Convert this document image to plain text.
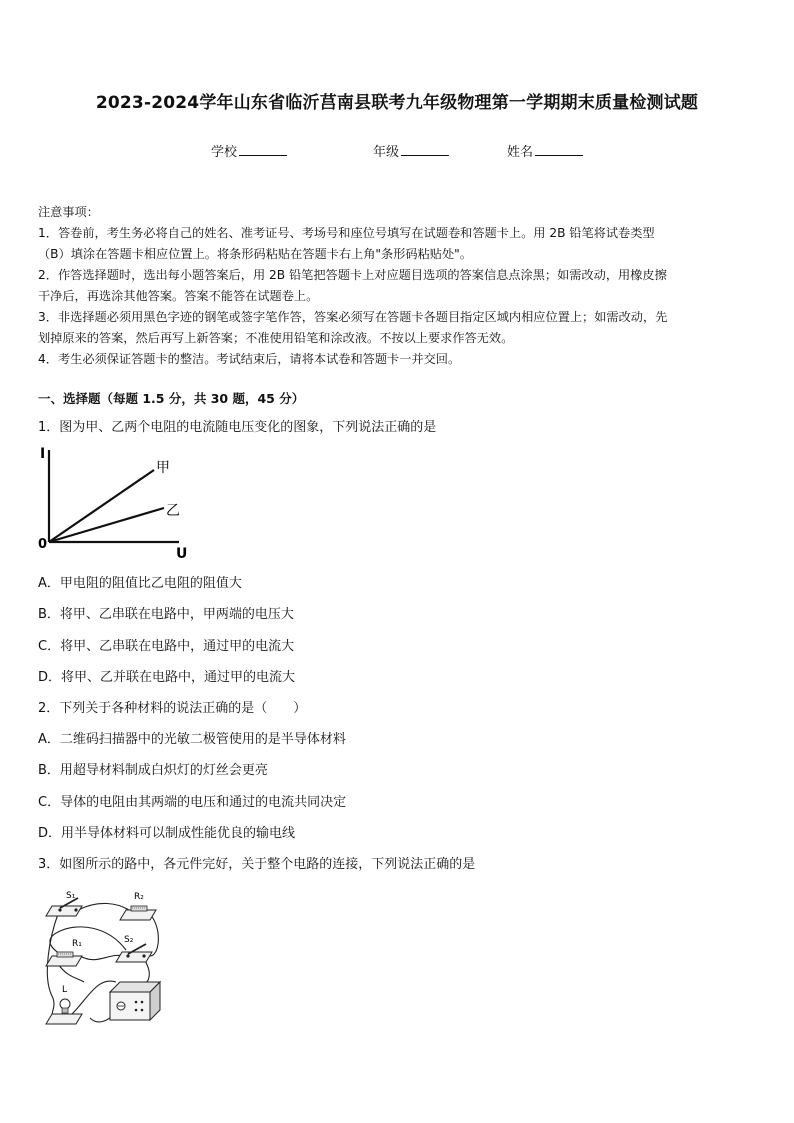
2023-2024学年山东省临沂莒南县联考九年级物理第一学期期末质量检测试题
学校	年级	姓名
注意事项：
1．答卷前，考生务必将自己的姓名、准考证号、考场号和座位号填写在试题卷和答题卡上。用 2B 铅笔将试卷类型
（B）填涂在答题卡相应位置上。将条形码粘贴在答题卡右上角"条形码粘贴处"。
2．作答选择题时，选出每小题答案后，用 2B 铅笔把答题卡上对应题目选项的答案信息点涂黑；如需改动，用橡皮擦
干净后，再选涂其他答案。答案不能答在试题卷上。
3．非选择题必须用黑色字迹的钢笔或签字笔作答，答案必须写在答题卡各题目指定区域内相应位置上；如需改动，先
划掉原来的答案，然后再写上新答案；不准使用铅笔和涂改液。不按以上要求作答无效。
4．考生必须保证答题卡的整洁。考试结束后，请将本试卷和答题卡一并交回。
一、选择题（每题 1.5 分，共 30 题，45 分）
1．图为甲、乙两个电阻的电流随电压变化的图象，下列说法正确的是
I
U
0
甲
乙
A．甲电阻的阻值比乙电阻的阻值大
B．将甲、乙串联在电路中，甲两端的电压大
C．将甲、乙串联在电路中，通过甲的电流大
D．将甲、乙并联在电路中，通过甲的电流大
2．下列关于各种材料的说法正确的是（　　）
A．二维码扫描器中的光敏二极管使用的是半导体材料
B．用超导材料制成白炽灯的灯丝会更亮
C．导体的电阻由其两端的电压和通过的电流共同决定
D．用半导体材料可以制成性能优良的输电线
3．如图所示的路中，各元件完好，关于整个电路的连接，下列说法正确的是
S₁	R₂
R₁	S₂
L
